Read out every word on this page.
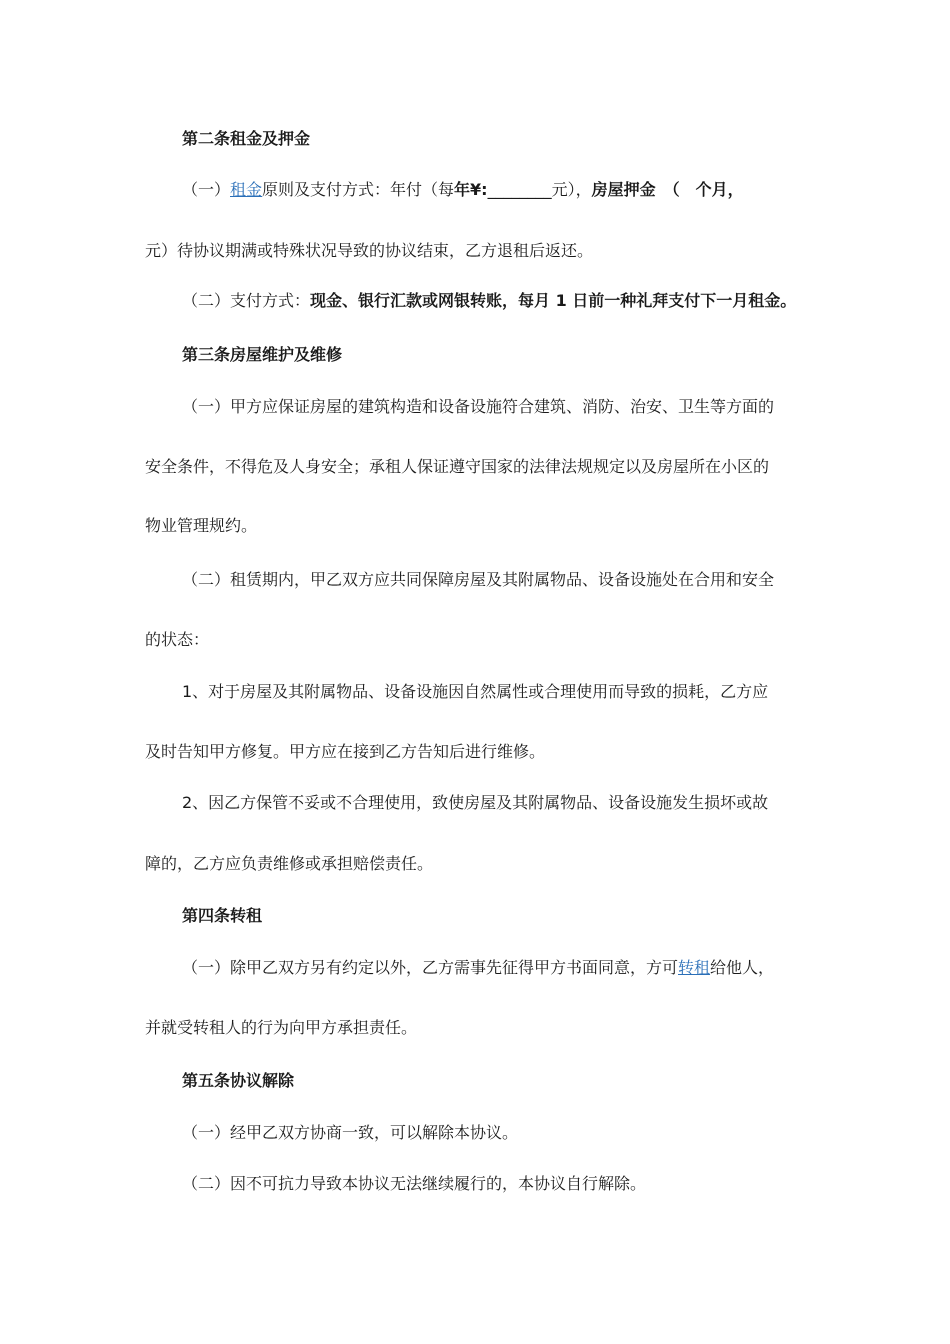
第二条租金及押金
（一）租金原则及支付方式：年付（每年¥:________元），房屋押金　（　个月，
元）待协议期满或特殊状况导致的协议结束，乙方退租后返还。
（二）支付方式：现金、银行汇款或网银转账，每月 1 日前一种礼拜支付下一月租金。
第三条房屋维护及维修
（一）甲方应保证房屋的建筑构造和设备设施符合建筑、消防、治安、卫生等方面的
安全条件，不得危及人身安全；承租人保证遵守国家的法律法规规定以及房屋所在小区的
物业管理规约。
（二）租赁期内，甲乙双方应共同保障房屋及其附属物品、设备设施处在合用和安全
的状态：
1、对于房屋及其附属物品、设备设施因自然属性或合理使用而导致的损耗，乙方应
及时告知甲方修复。甲方应在接到乙方告知后进行维修。
2、因乙方保管不妥或不合理使用，致使房屋及其附属物品、设备设施发生损坏或故
障的，乙方应负责维修或承担赔偿责任。
第四条转租
（一）除甲乙双方另有约定以外，乙方需事先征得甲方书面同意，方可转租给他人，
并就受转租人的行为向甲方承担责任。
第五条协议解除
（一）经甲乙双方协商一致，可以解除本协议。
（二）因不可抗力导致本协议无法继续履行的，本协议自行解除。
